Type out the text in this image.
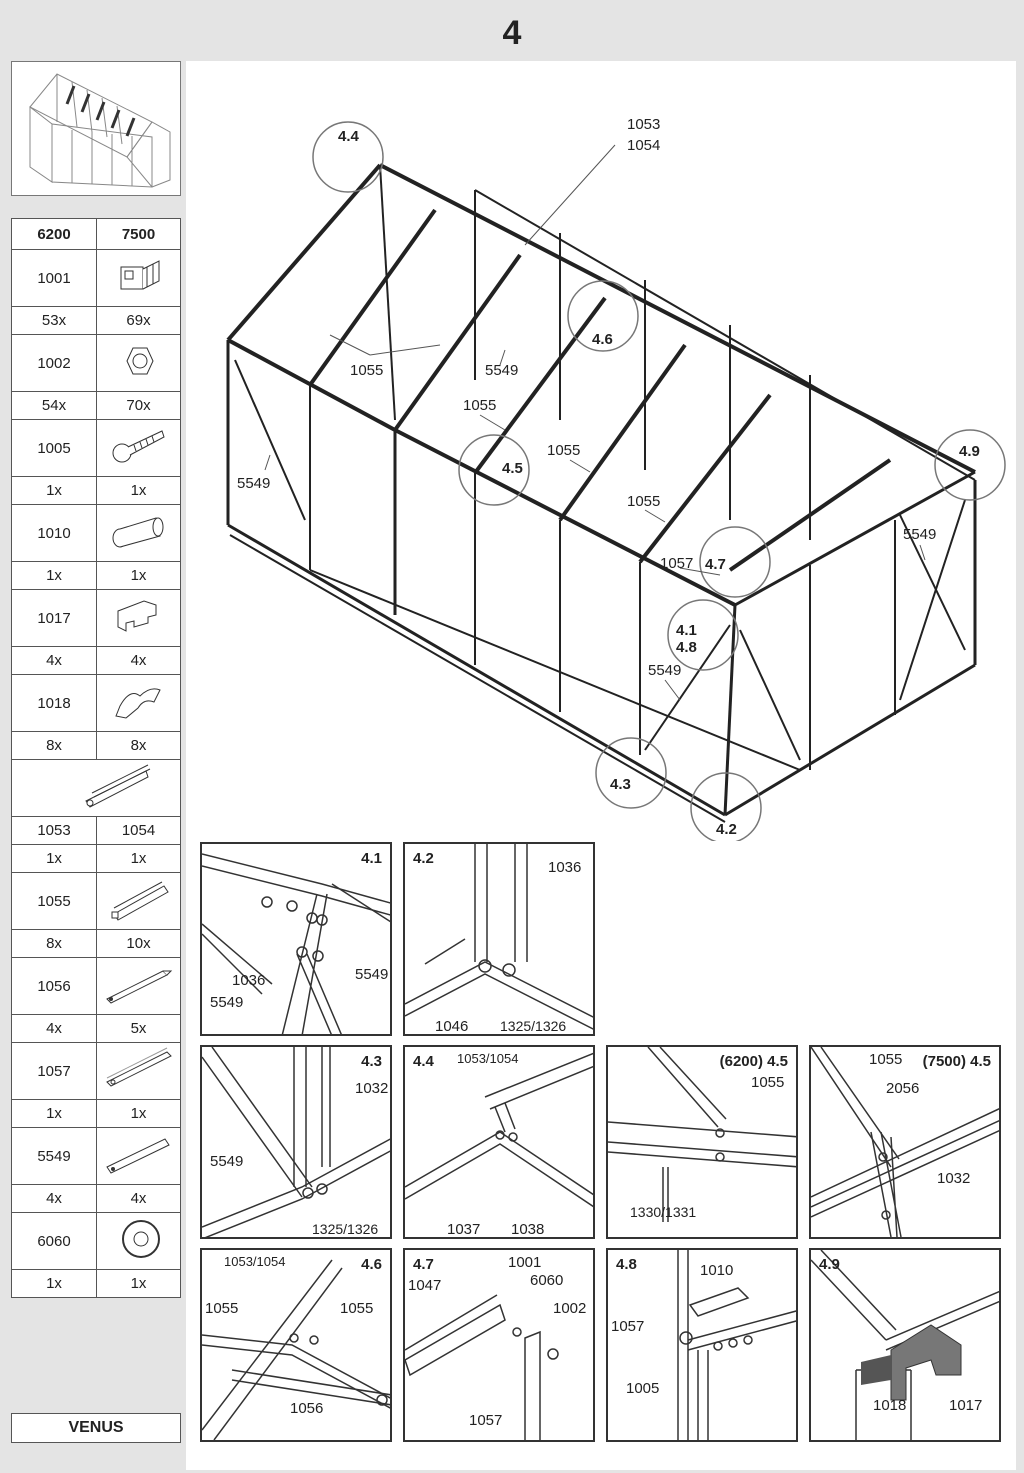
4
6200	7500
1001	
53x	69x
1002	
54x	70x
1005	
1x	1x
1010	
1x	1x
1017	
4x	4x
1018	
8x	8x

1053	1054
1x	1x
1055	
8x	10x
1056	
4x	5x
1057	
1x	1x
5549	
4x	4x
6060	
1x	1x
VENUS
4.4
1053
1054
4.6
1055	5549
1055
1055
4.5
5549
1055
5549
1057 4.7
4.1
4.8
5549
4.3
4.2
4.9
4.1
1036
5549
5549
4.2
1036
1046 1325/1326
4.3
1032
5549
1325/1326
4.4 1053/1054
1037 1038
(6200) 4.5
1055
1330/1331
(7500) 4.5
1055
2056
1032
4.6
1053/1054
1055	1055
1056
4.7	1001
1047	6060
1002
1057
4.8	1010
1057
1005
4.9
1018	1017
